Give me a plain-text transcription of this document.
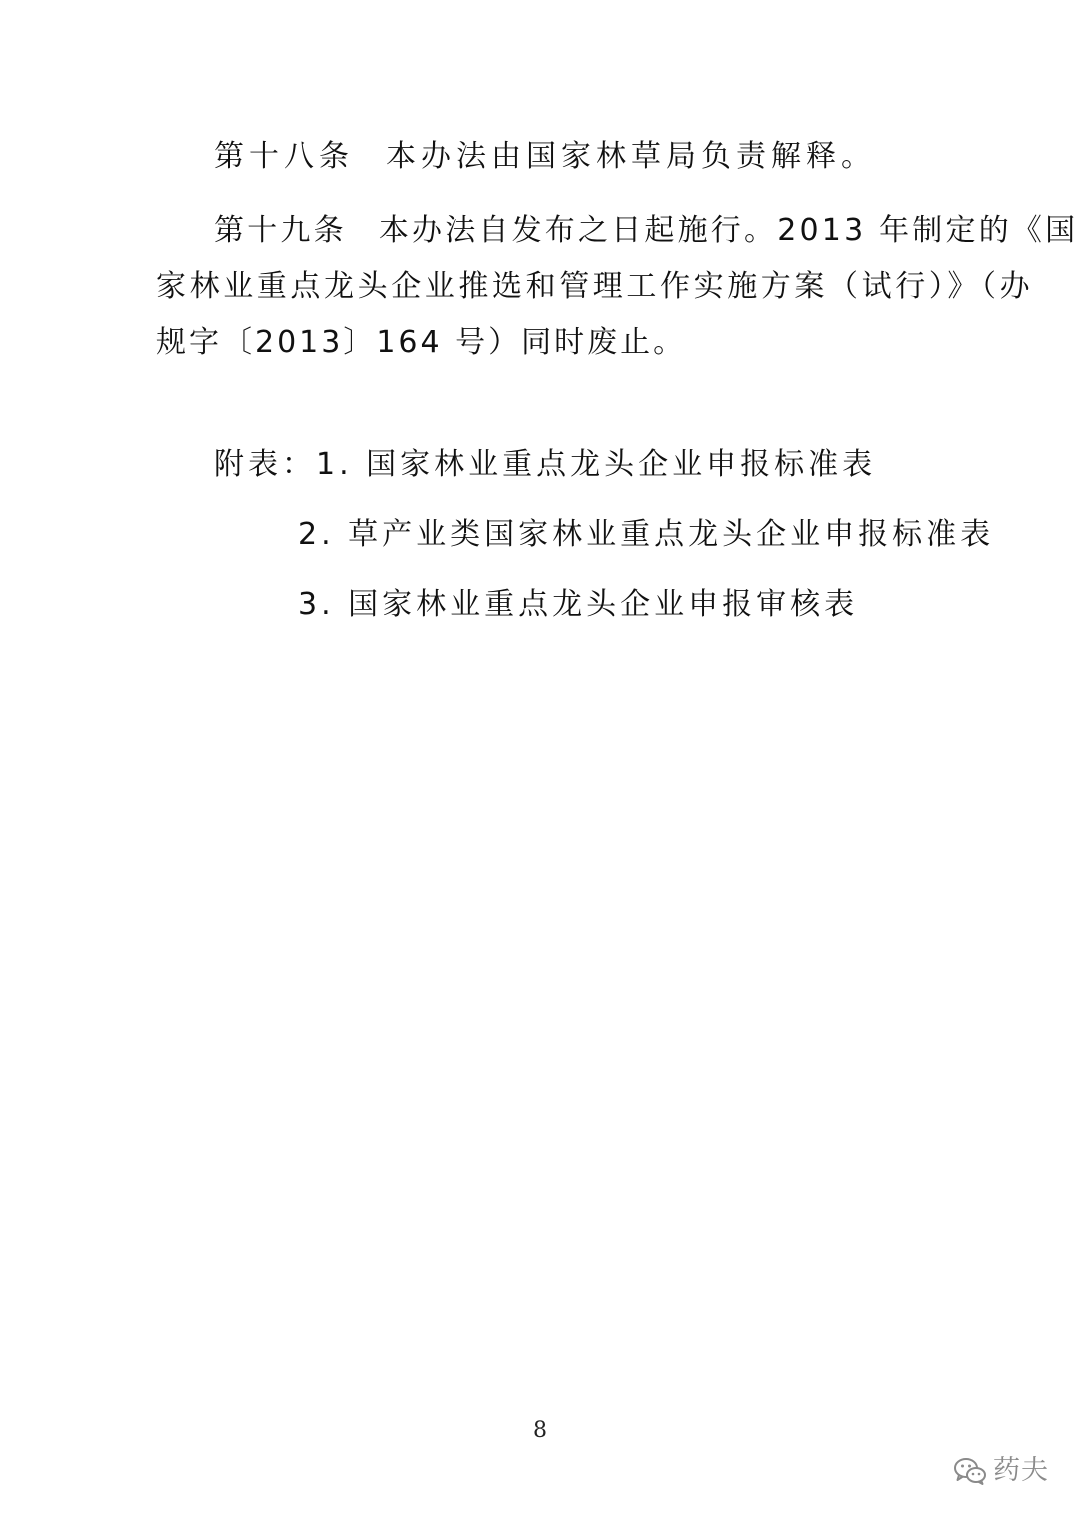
第十八条 本办法由国家林草局负责解释。
第十九条 本办法自发布之日起施行。2013 年制定的《国
家林业重点龙头企业推选和管理工作实施方案（试行）》（办
规字〔2013〕164 号）同时废止。
附表：1. 国家林业重点龙头企业申报标准表
2. 草产业类国家林业重点龙头企业申报标准表
3. 国家林业重点龙头企业申报审核表
8
药夫
